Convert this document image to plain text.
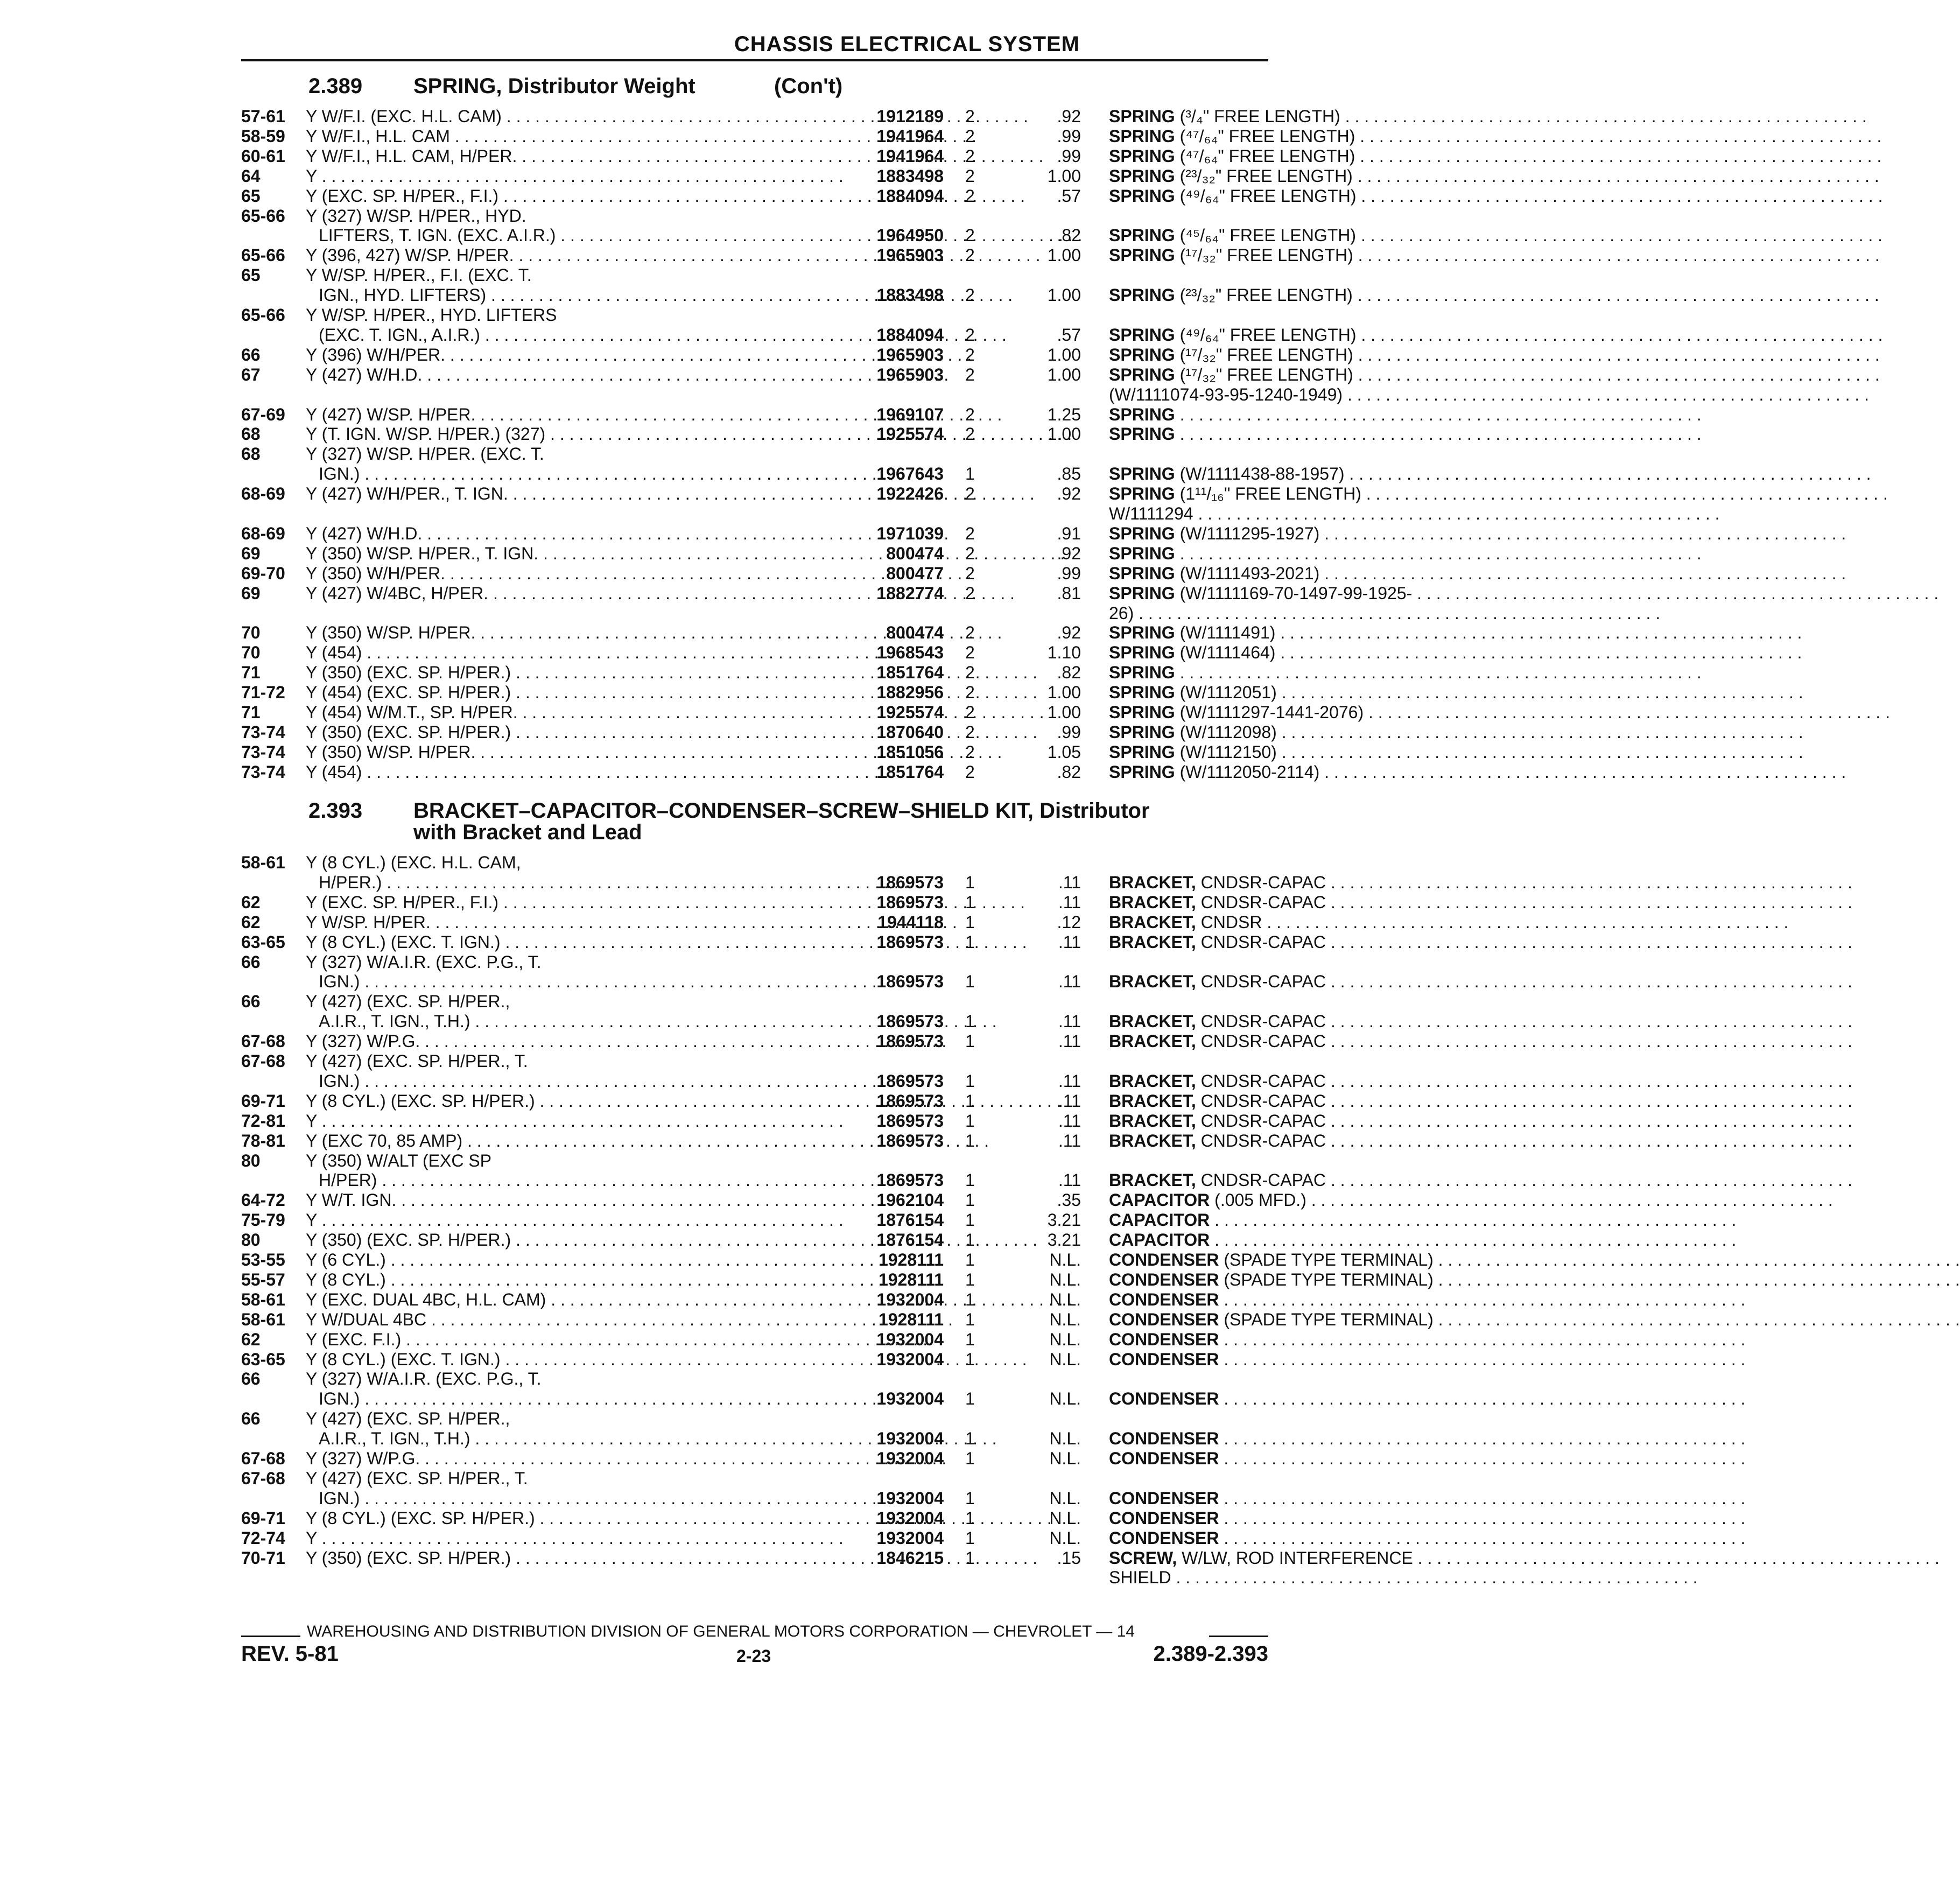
CHASSIS ELECTRICAL SYSTEM
2.389 SPRING, Distributor Weight	(Con't)
57-61 Y W/F.I. (EXC. H.L. CAM) . . .	1912189 2	.92 SPRING (³/₄" FREE LENGTH) . . .
58-59 Y W/F.I., H.L. CAM . . .	1941964 2	.99 SPRING (⁴⁷/₆₄" FREE LENGTH) . . .
60-61 Y W/F.I., H.L. CAM, H/PER. . . .	1941964 2	.99 SPRING (⁴⁷/₆₄" FREE LENGTH) . . .
64	Y . . .	1883498 2	1.00 SPRING (²³/₃₂" FREE LENGTH) . . .
65	Y (EXC. SP. H/PER., F.I.) . . .	1884094 2	.57 SPRING (⁴⁹/₆₄" FREE LENGTH) . . .
65-66 Y (327) W/SP. H/PER., HYD.
LIFTERS, T. IGN. (EXC. A.I.R.) . . .	1964950 2	.82 SPRING (⁴⁵/₆₄" FREE LENGTH) . . .
65-66 Y (396, 427) W/SP. H/PER. . . .	1965903 2	1.00 SPRING (¹⁷/₃₂" FREE LENGTH) . . .
65	Y W/SP. H/PER., F.I. (EXC. T.
IGN., HYD. LIFTERS) . . .	1883498 2	1.00 SPRING (²³/₃₂" FREE LENGTH) . . .
65-66 Y W/SP. H/PER., HYD. LIFTERS
(EXC. T. IGN., A.I.R.) . . .	1884094 2	.57 SPRING (⁴⁹/₆₄" FREE LENGTH) . . .
66	Y (396) W/H/PER. . . .	1965903 2	1.00 SPRING (¹⁷/₃₂" FREE LENGTH) . . .
67	Y (427) W/H.D. . . .	1965903 2	1.00 SPRING (¹⁷/₃₂" FREE LENGTH) . . .
(W/1111074-93-95-1240-1949) . . .
67-69 Y (427) W/SP. H/PER. . . .	1969107 2	1.25 SPRING . . .
68	Y (T. IGN. W/SP. H/PER.) (327) . . .	1925574 2	1.00 SPRING . . .
68	Y (327) W/SP. H/PER. (EXC. T.
IGN.) . . .	1967643 1	.85 SPRING (W/1111438-88-1957) . . .
68-69 Y (427) W/H/PER., T. IGN. . . .	1922426 2	.92 SPRING (1¹¹/₁₆" FREE LENGTH) . . .
W/1111294 . . .
68-69 Y (427) W/H.D. . . .	1971039 2	.91 SPRING (W/1111295-1927) . . .
69	Y (350) W/SP. H/PER., T. IGN. . . .	800474 2	.92 SPRING . . .
69-70 Y (350) W/H/PER. . . .	800477 2	.99 SPRING (W/1111493-2021) . . .
69	Y (427) W/4BC, H/PER. . . .	1882774 2	.81 SPRING (W/1111169-70-1497-99-1925- . . .
26) . . .
70	Y (350) W/SP. H/PER. . . .	800474 2	.92 SPRING (W/1111491) . . .
70	Y (454) . . .	1968543 2	1.10 SPRING (W/1111464) . . .
71	Y (350) (EXC. SP. H/PER.) . . .	1851764 2	.82 SPRING . . .
71-72 Y (454) (EXC. SP. H/PER.) . . .	1882956 2	1.00 SPRING (W/1112051) . . .
71	Y (454) W/M.T., SP. H/PER. . . .	1925574 2	1.00 SPRING (W/1111297-1441-2076) . . .
73-74 Y (350) (EXC. SP. H/PER.) . . .	1870640 2	.99 SPRING (W/1112098) . . .
73-74 Y (350) W/SP. H/PER. . . .	1851056 2	1.05 SPRING (W/1112150) . . .
73-74 Y (454) . . .	1851764 2	.82 SPRING (W/1112050-2114) . . .
2.393 BRACKET–CAPACITOR–CONDENSER–SCREW–SHIELD KIT, Distributor
with Bracket and Lead
58-61 Y (8 CYL.) (EXC. H.L. CAM,
H/PER.) . . .	1869573 1	.11 BRACKET, CNDSR-CAPAC . . .
62	Y (EXC. SP. H/PER., F.I.) . . .	1869573 1	.11 BRACKET, CNDSR-CAPAC . . .
62	Y W/SP. H/PER. . . .	1944118 1	.12 BRACKET, CNDSR . . .
63-65 Y (8 CYL.) (EXC. T. IGN.) . . .	1869573 1	.11 BRACKET, CNDSR-CAPAC . . .
66	Y (327) W/A.I.R. (EXC. P.G., T.
IGN.) . . .	1869573 1	.11 BRACKET, CNDSR-CAPAC . . .
66	Y (427) (EXC. SP. H/PER.,
A.I.R., T. IGN., T.H.) . . .	1869573 1	.11 BRACKET, CNDSR-CAPAC . . .
67-68 Y (327) W/P.G. . . .	1869573 1	.11 BRACKET, CNDSR-CAPAC . . .
67-68 Y (427) (EXC. SP. H/PER., T.
IGN.) . . .	1869573 1	.11 BRACKET, CNDSR-CAPAC . . .
69-71 Y (8 CYL.) (EXC. SP. H/PER.) . . .	1869573 1	.11 BRACKET, CNDSR-CAPAC . . .
72-81 Y . . .	1869573 1	.11 BRACKET, CNDSR-CAPAC . . .
78-81 Y (EXC 70, 85 AMP) . . .	1869573 1	.11 BRACKET, CNDSR-CAPAC . . .
80	Y (350) W/ALT (EXC SP
H/PER) . . .	1869573 1	.11 BRACKET, CNDSR-CAPAC . . .
64-72 Y W/T. IGN. . . .	1962104 1	.35 CAPACITOR (.005 MFD.) . . .
75-79 Y . . .	1876154 1	3.21 CAPACITOR . . .
80	Y (350) (EXC. SP. H/PER.) . . .	1876154 1	3.21 CAPACITOR . . .
53-55 Y (6 CYL.) . . .	1928111 1	N.L. CONDENSER (SPADE TYPE TERMINAL) . . .
55-57 Y (8 CYL.) . . .	1928111 1	N.L. CONDENSER (SPADE TYPE TERMINAL) . . .
58-61 Y (EXC. DUAL 4BC, H.L. CAM) . . .	1932004 1	N.L. CONDENSER . . .
58-61 Y W/DUAL 4BC . . .	1928111 1	N.L. CONDENSER (SPADE TYPE TERMINAL) . . .
62	Y (EXC. F.I.) . . .	1932004 1	N.L. CONDENSER . . .
63-65 Y (8 CYL.) (EXC. T. IGN.) . . .	1932004 1	N.L. CONDENSER . . .
66	Y (327) W/A.I.R. (EXC. P.G., T.
IGN.) . . .	1932004 1	N.L. CONDENSER . . .
66	Y (427) (EXC. SP. H/PER.,
A.I.R., T. IGN., T.H.) . . .	1932004 1	N.L. CONDENSER . . .
67-68 Y (327) W/P.G. . . .	1932004 1	N.L. CONDENSER . . .
67-68 Y (427) (EXC. SP. H/PER., T.
IGN.) . . .	1932004 1	N.L. CONDENSER . . .
69-71 Y (8 CYL.) (EXC. SP. H/PER.) . . .	1932004 1	N.L. CONDENSER . . .
72-74 Y . . .	1932004 1	N.L. CONDENSER . . .
70-71 Y (350) (EXC. SP. H/PER.) . . .	1846215 1	.15 SCREW, W/LW, ROD INTERFERENCE . . .
SHIELD . . .
WAREHOUSING AND DISTRIBUTION DIVISION OF GENERAL MOTORS CORPORATION — CHEVROLET — 14
REV. 5-81	2-23	2.389-2.393
